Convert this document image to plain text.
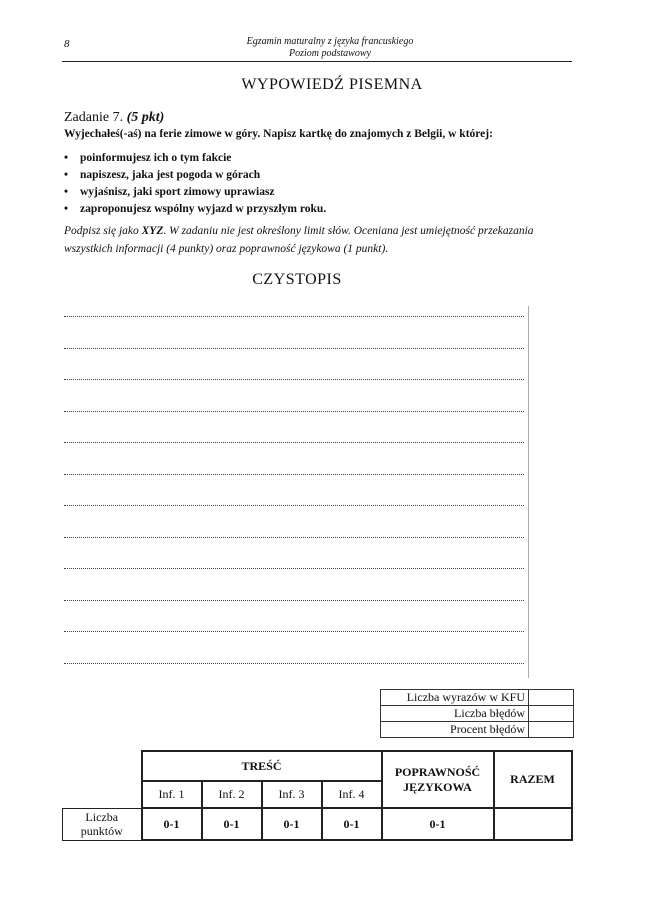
8	Egzamin maturalny z języka francuskiego
Poziom podstawowy
WYPOWIEDŹ PISEMNA
Zadanie 7. (5 pkt)
Wyjechałeś(-aś) na ferie zimowe w góry. Napisz kartkę do znajomych z Belgii, w której:
• poinformujesz ich o tym fakcie
• napiszesz, jaka jest pogoda w górach
• wyjaśnisz, jaki sport zimowy uprawiasz
• zaproponujesz wspólny wyjazd w przyszłym roku.
Podpisz się jako XYZ. W zadaniu nie jest określony limit słów. Oceniana jest umiejętność przekazania wszystkich informacji (4 punkty) oraz poprawność językowa (1 punkt).
CZYSTOPIS
Liczba wyrazów w KFU	
Liczba błędów	
Procent błędów	
	TREŚĆ				POPRAWNOŚĆ JĘZYKOWA	RAZEM
	Inf. 1	Inf. 2	Inf. 3	Inf. 4		
Liczba punktów	0-1	0-1	0-1	0-1	0-1	
